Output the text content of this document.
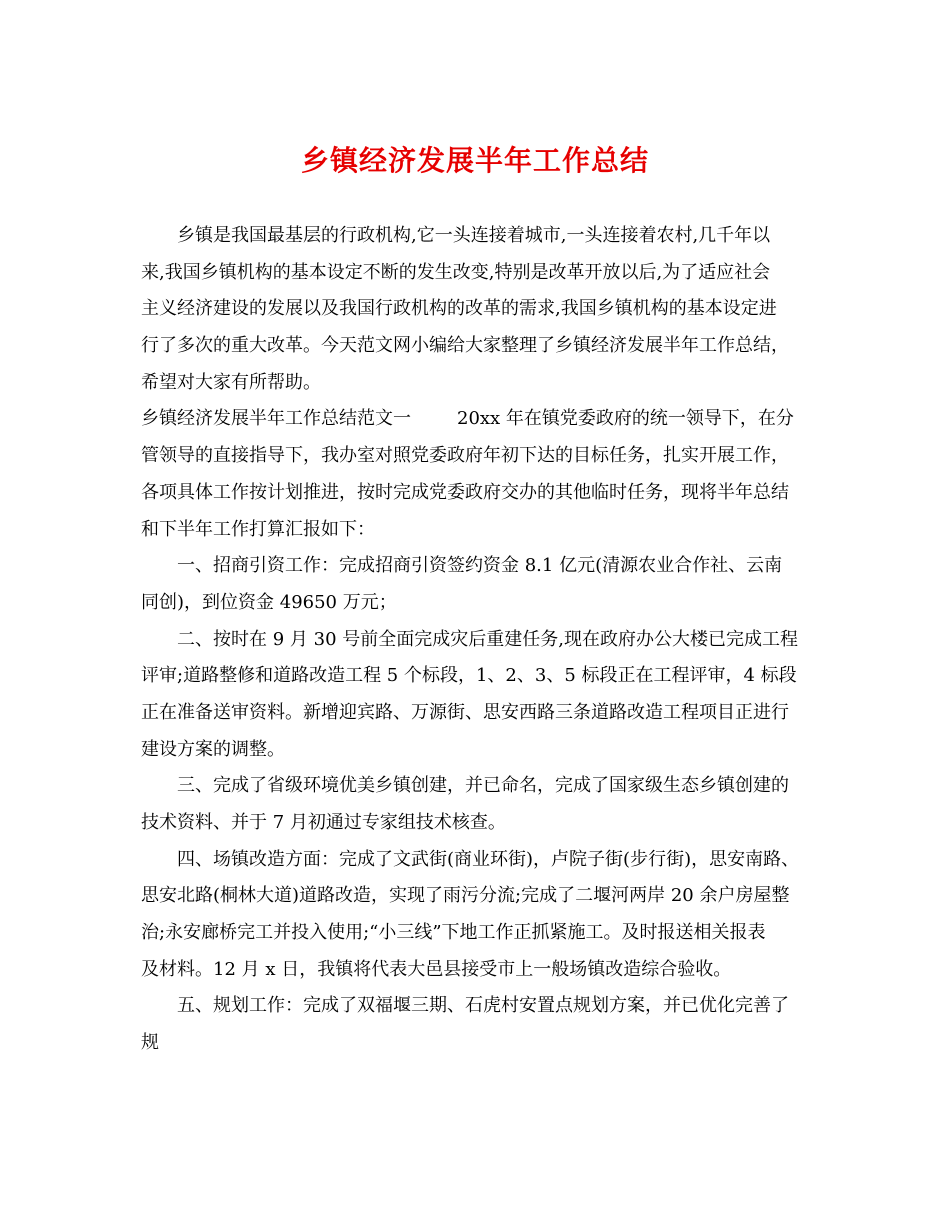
乡镇经济发展半年工作总结
乡镇是我国最基层的行政机构,它一头连接着城市,一头连接着农村,几千年以
来,我国乡镇机构的基本设定不断的发生改变,特别是改革开放以后,为了适应社会
主义经济建设的发展以及我国行政机构的改革的需求,我国乡镇机构的基本设定进
行了多次的重大改革。今天范文网小编给大家整理了乡镇经济发展半年工作总结，
希望对大家有所帮助。
乡镇经济发展半年工作总结范文一	20xx 年在镇党委政府的统一领导下，在分
管领导的直接指导下，我办室对照党委政府年初下达的目标任务，扎实开展工作，
各项具体工作按计划推进，按时完成党委政府交办的其他临时任务，现将半年总结
和下半年工作打算汇报如下：
一、招商引资工作：完成招商引资签约资金 8.1 亿元(清源农业合作社、云南
同创)，到位资金 49650 万元；
二、按时在 9 月 30 号前全面完成灾后重建任务,现在政府办公大楼已完成工程
评审;道路整修和道路改造工程 5 个标段，1、2、3、5 标段正在工程评审，4 标段
正在准备送审资料。新增迎宾路、万源街、思安西路三条道路改造工程项目正进行
建设方案的调整。
三、完成了省级环境优美乡镇创建，并已命名，完成了国家级生态乡镇创建的
技术资料、并于 7 月初通过专家组技术核查。
四、场镇改造方面：完成了文武街(商业环街)，卢院子街(步行街)，思安南路、
思安北路(桐林大道)道路改造，实现了雨污分流;完成了二堰河两岸 20 余户房屋整
治;永安廊桥完工并投入使用;“小三线”下地工作正抓紧施工。及时报送相关报表
及材料。12 月 x 日，我镇将代表大邑县接受市上一般场镇改造综合验收。
五、规划工作：完成了双福堰三期、石虎村安置点规划方案，并已优化完善了
规
